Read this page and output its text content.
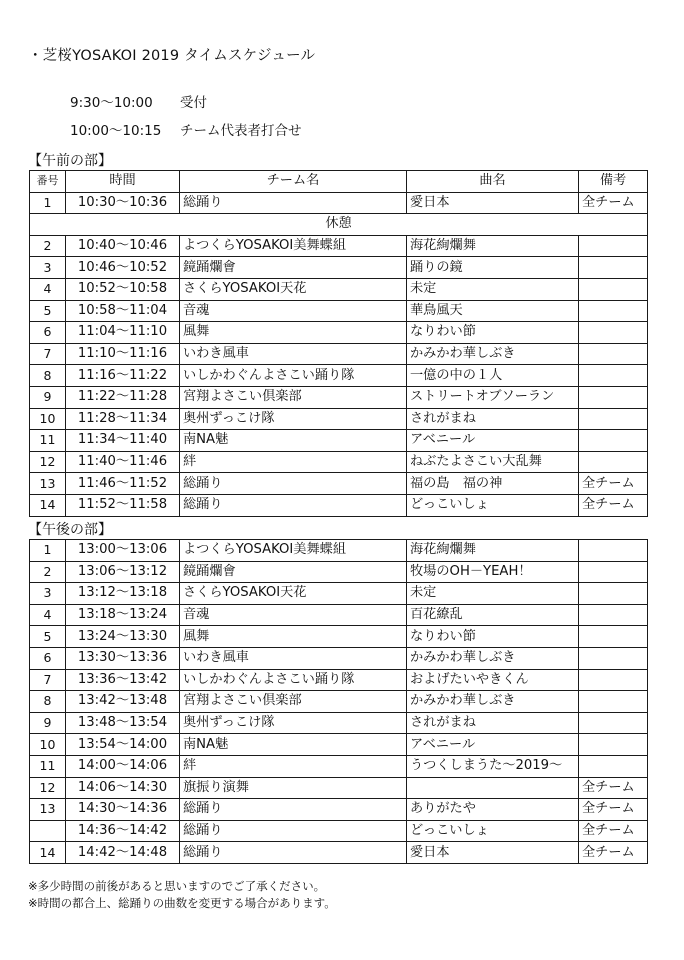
・芝桜YOSAKOI 2019 タイムスケジュール
9:30〜10:00 受付
10:00〜10:15 チーム代表者打合せ
【午前の部】
番号	時間	チーム名	曲名	備考
1	10:30〜10:36	総踊り	愛日本	全チーム
休憩				
2	10:40〜10:46	よつくらYOSAKOI美舞蝶組	海花絢爛舞	
3	10:46〜10:52	鏡踊爛會	踊りの鏡	
4	10:52〜10:58	さくらYOSAKOI天花	未定	
5	10:58〜11:04	音魂	華鳥風天	
6	11:04〜11:10	風舞	なりわい節	
7	11:10〜11:16	いわき風車	かみかわ華しぶき	
8	11:16〜11:22	いしかわぐんよさこい踊り隊	一億の中の１人	
9	11:22〜11:28	宮翔よさこい倶楽部	ストリートオブソーラン	
10	11:28〜11:34	奥州ずっこけ隊	されがまね	
11	11:34〜11:40	南NA魅	アベニール	
12	11:40〜11:46	絆	ねぶたよさこい大乱舞	
13	11:46〜11:52	総踊り	福の島　福の神	全チーム
14	11:52〜11:58	総踊り	どっこいしょ	全チーム
【午後の部】
1	13:00〜13:06	よつくらYOSAKOI美舞蝶組	海花絢爛舞	
2	13:06〜13:12	鏡踊爛會	牧場のOH－YEAH！	
3	13:12〜13:18	さくらYOSAKOI天花	未定	
4	13:18〜13:24	音魂	百花繚乱	
5	13:24〜13:30	風舞	なりわい節	
6	13:30〜13:36	いわき風車	かみかわ華しぶき	
7	13:36〜13:42	いしかわぐんよさこい踊り隊	およげたいやきくん	
8	13:42〜13:48	宮翔よさこい倶楽部	かみかわ華しぶき	
9	13:48〜13:54	奥州ずっこけ隊	されがまね	
10	13:54〜14:00	南NA魅	アベニール	
11	14:00〜14:06	絆	うつくしまうた～2019～	
12	14:06〜14:30	旗振り演舞		全チーム
13	14:30〜14:36	総踊り	ありがたや	全チーム
	14:36〜14:42	総踊り	どっこいしょ	全チーム
14	14:42〜14:48	総踊り	愛日本	全チーム
※多少時間の前後があると思いますのでご了承ください。
※時間の都合上、総踊りの曲数を変更する場合があります。
